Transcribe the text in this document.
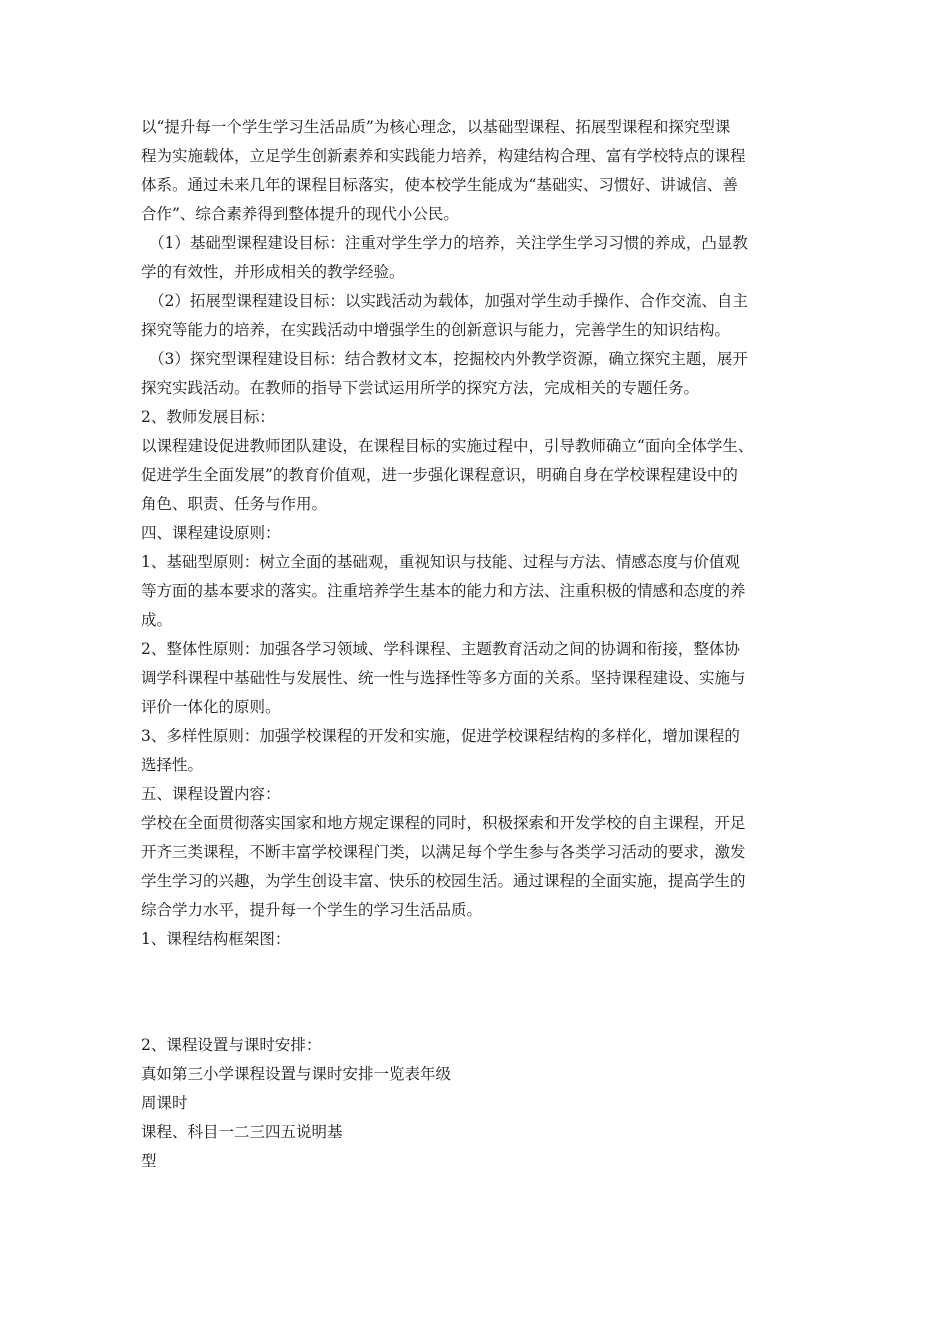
以“提升每一个学生学习生活品质”为核心理念，以基础型课程、拓展型课程和探究型课
程为实施载体，立足学生创新素养和实践能力培养，构建结构合理、富有学校特点的课程
体系。通过未来几年的课程目标落实，使本校学生能成为“基础实、习惯好、讲诚信、善
合作”、综合素养得到整体提升的现代小公民。
（1）基础型课程建设目标：注重对学生学力的培养，关注学生学习习惯的养成，凸显教
学的有效性，并形成相关的教学经验。
（2）拓展型课程建设目标：以实践活动为载体，加强对学生动手操作、合作交流、自主
探究等能力的培养，在实践活动中增强学生的创新意识与能力，完善学生的知识结构。
（3）探究型课程建设目标：结合教材文本，挖掘校内外教学资源，确立探究主题，展开
探究实践活动。在教师的指导下尝试运用所学的探究方法，完成相关的专题任务。
2、教师发展目标：
以课程建设促进教师团队建设，在课程目标的实施过程中，引导教师确立“面向全体学生、
促进学生全面发展”的教育价值观，进一步强化课程意识，明确自身在学校课程建设中的
角色、职责、任务与作用。
四、课程建设原则：
1、基础型原则：树立全面的基础观，重视知识与技能、过程与方法、情感态度与价值观
等方面的基本要求的落实。注重培养学生基本的能力和方法、注重积极的情感和态度的养
成。
2、整体性原则：加强各学习领域、学科课程、主题教育活动之间的协调和衔接，整体协
调学科课程中基础性与发展性、统一性与选择性等多方面的关系。坚持课程建设、实施与
评价一体化的原则。
3、多样性原则：加强学校课程的开发和实施，促进学校课程结构的多样化，增加课程的
选择性。
五、课程设置内容：
学校在全面贯彻落实国家和地方规定课程的同时，积极探索和开发学校的自主课程，开足
开齐三类课程，不断丰富学校课程门类，以满足每个学生参与各类学习活动的要求，激发
学生学习的兴趣，为学生创设丰富、快乐的校园生活。通过课程的全面实施，提高学生的
综合学力水平，提升每一个学生的学习生活品质。
1、课程结构框架图：
2、课程设置与课时安排：
真如第三小学课程设置与课时安排一览表年级
周课时
课程、科目一二三四五说明基
型
